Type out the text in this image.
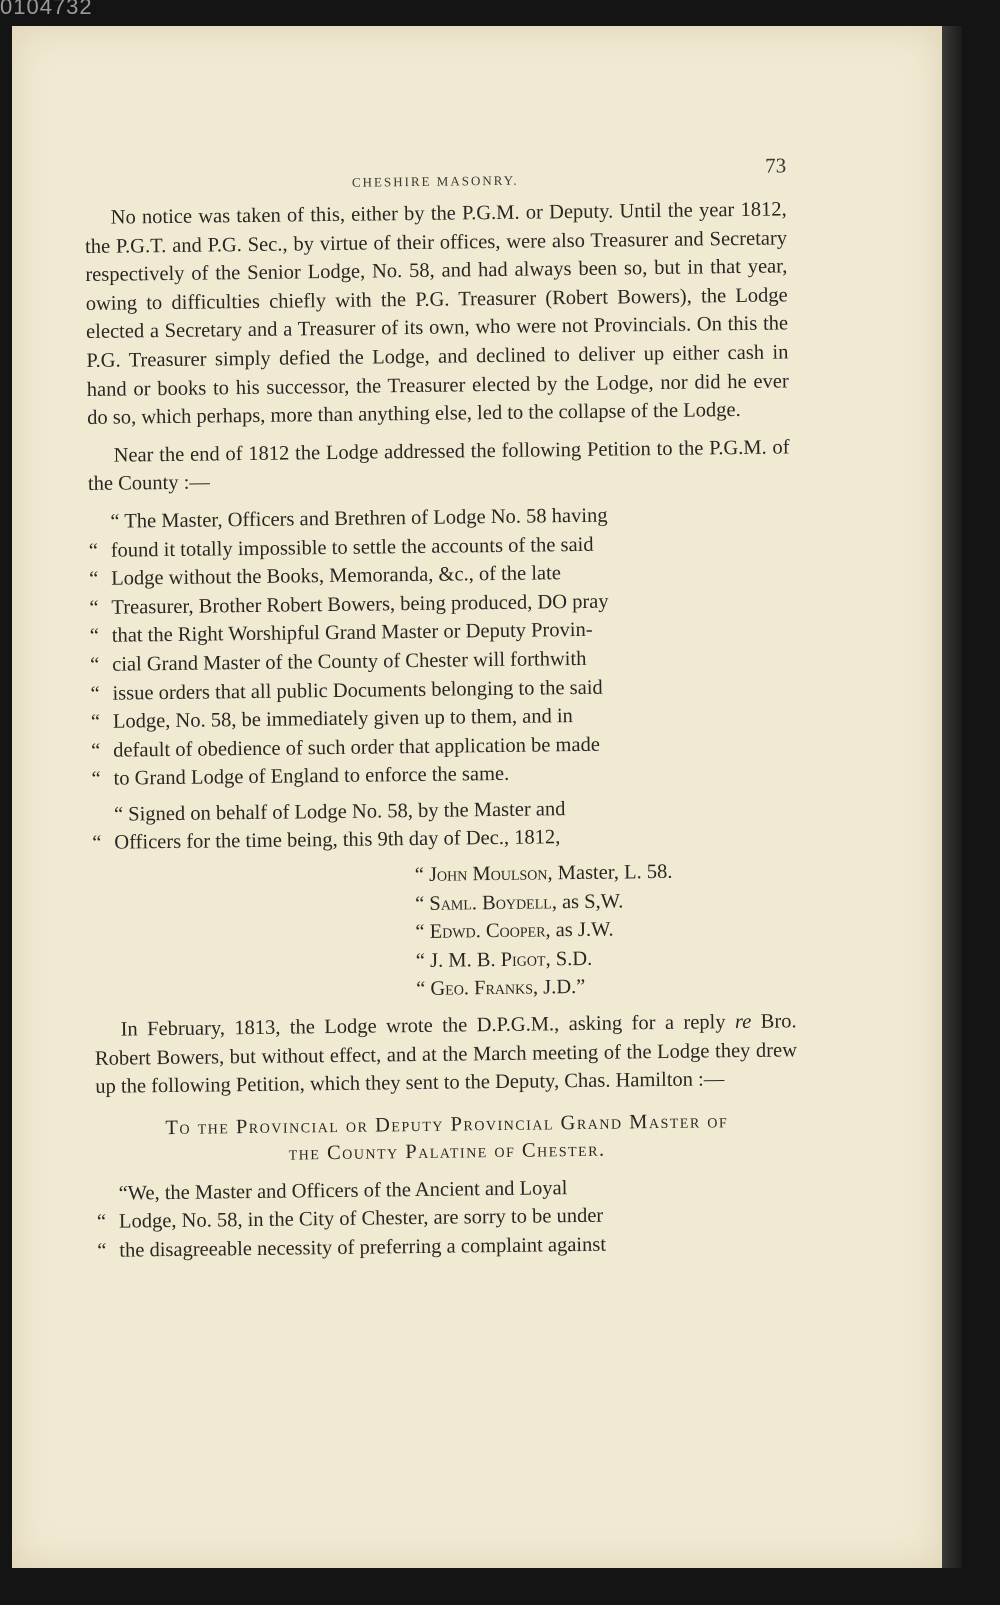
0104732
CHESHIRE MASONRY.
73

No notice was taken of this, either by the P.G.M. or Deputy. Until the year 1812, the P.G.T. and P.G. Sec., by virtue of their offices, were also Treasurer and Secretary respectively of the Senior Lodge, No. 58, and had always been so, but in that year, owing to difficulties chiefly with the P.G. Treasurer (Robert Bowers), the Lodge elected a Secretary and a Treasurer of its own, who were not Provincials. On this the P.G. Treasurer simply defied the Lodge, and declined to deliver up either cash in hand or books to his successor, the Treasurer elected by the Lodge, nor did he ever do so, which perhaps, more than anything else, led to the collapse of the Lodge.

Near the end of 1812 the Lodge addressed the following Petition to the P.G.M. of the County :—

“ The Master, Officers and Brethren of Lodge No. 58 having

“ found it totally impossible to settle the accounts of the said

“ Lodge without the Books, Memoranda, &c., of the late

“ Treasurer, Brother Robert Bowers, being produced, DO pray

“ that the Right Worshipful Grand Master or Deputy Provin-

“ cial Grand Master of the County of Chester will forthwith

“ issue orders that all public Documents belonging to the said

“ Lodge, No. 58, be immediately given up to them, and in

“ default of obedience of such order that application be made

“ to Grand Lodge of England to enforce the same.

“ Signed on behalf of Lodge No. 58, by the Master and

“ Officers for the time being, this 9th day of Dec., 1812,

“ John Moulson, Master, L. 58.

“ Saml. Boydell, as S,W.

“ Edwd. Cooper, as J.W.

“ J. M. B. Pigot, S.D.

“ Geo. Franks, J.D.”

In February, 1813, the Lodge wrote the D.P.G.M., asking for a reply re Bro. Robert Bowers, but without effect, and at the March meeting of the Lodge they drew up the following Petition, which they sent to the Deputy, Chas. Hamilton :—

To the Provincial or Deputy Provincial Grand Master of
the County Palatine of Chester.

“We, the Master and Officers of the Ancient and Loyal

“ Lodge, No. 58, in the City of Chester, are sorry to be under

“ the disagreeable necessity of preferring a complaint against
